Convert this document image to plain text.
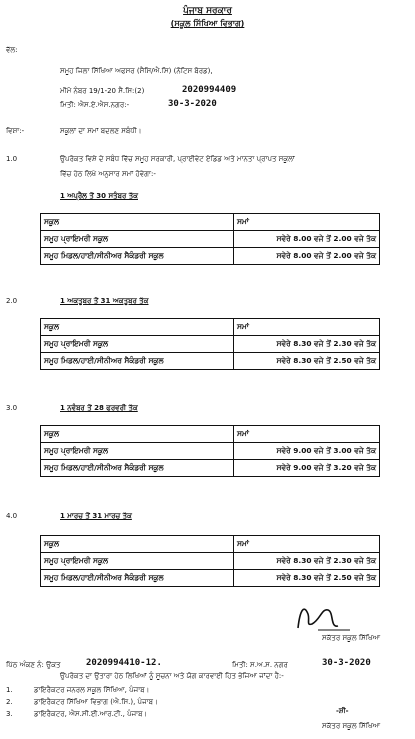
ਪੰਜਾਬ ਸਰਕਾਰ
(ਸਕੂਲ ਸਿੱਖਿਆ ਵਿਭਾਗ)
ਵੱਲ:
ਸਮੂਹ ਜਿਲਾ ਸਿੱਖਿਆ ਅਫਸਰ (ਸੈਸਿ/ਐ.ਸਿ) (ਨੋਟਿਸ ਬੋਰਡ),
ਮੀਮੋ ਨੰਬਰ 19/1-20 ਸੈ.ਸਿ:(2)	2020994409
ਮਿਤੀ: ਐਸ.ਏ.ਐਸ.ਨਗਰ:-	30-3-2020
ਵਿਸ਼ਾ:-	ਸਕੂਲਾਂ ਦਾ ਸਮਾਂ ਬਦਲਣ ਸਬੰਧੀ।
1.0	ਉਪਰੋਕਤ ਵਿਸ਼ੇ ਦੇ ਸਬੰਧ ਵਿੱਚ ਸਮੂਹ ਸਰਕਾਰੀ, ਪ੍ਰਾਈਵੇਟ ਏਡਿਡ ਅਤੇ ਮਾਨਤਾ ਪ੍ਰਾਪਤ ਸਕੂਲਾਂ
ਵਿੱਚ ਹੇਠ ਲਿਖੇ ਅਨੁਸਾਰ ਸਮਾਂ ਹੋਵੇਗਾ:-
1 ਅਪ੍ਰੈਲ ਤੋਂ 30 ਸਤੰਬਰ ਤੱਕ
ਸਕੂਲ	ਸਮਾਂ
ਸਮੂਹ ਪ੍ਰਾਇਮਰੀ ਸਕੂਲ	ਸਵੇਰੇ 8.00 ਵਜੇ ਤੋਂ 2.00 ਵਜੇ ਤੱਕ
ਸਮੂਹ ਮਿਡਲ/ਹਾਈ/ਸੀਨੀਅਰ ਸੈਕੰਡਰੀ ਸਕੂਲ	ਸਵੇਰੇ 8.00 ਵਜੇ ਤੋਂ 2.00 ਵਜੇ ਤੱਕ
2.0	1 ਅਕਤੂਬਰ ਤੋਂ 31 ਅਕਤੂਬਰ ਤੱਕ
ਸਕੂਲ	ਸਮਾਂ
ਸਮੂਹ ਪ੍ਰਾਇਮਰੀ ਸਕੂਲ	ਸਵੇਰੇ 8.30 ਵਜੇ ਤੋਂ 2.30 ਵਜੇ ਤੱਕ
ਸਮੂਹ ਮਿਡਲ/ਹਾਈ/ਸੀਨੀਅਰ ਸੈਕੰਡਰੀ ਸਕੂਲ	ਸਵੇਰੇ 8.30 ਵਜੇ ਤੋਂ 2.50 ਵਜੇ ਤੱਕ
3.0	1 ਨਵੰਬਰ ਤੋਂ 28 ਫਰਵਰੀ ਤੱਕ
ਸਕੂਲ	ਸਮਾਂ
ਸਮੂਹ ਪ੍ਰਾਇਮਰੀ ਸਕੂਲ	ਸਵੇਰੇ 9.00 ਵਜੇ ਤੋਂ 3.00 ਵਜੇ ਤੱਕ
ਸਮੂਹ ਮਿਡਲ/ਹਾਈ/ਸੀਨੀਅਰ ਸੈਕੰਡਰੀ ਸਕੂਲ	ਸਵੇਰੇ 9.00 ਵਜੇ ਤੋਂ 3.20 ਵਜੇ ਤੱਕ
4.0	1 ਮਾਰਚ ਤੋਂ 31 ਮਾਰਚ ਤੱਕ
ਸਕੂਲ	ਸਮਾਂ
ਸਮੂਹ ਪ੍ਰਾਇਮਰੀ ਸਕੂਲ	ਸਵੇਰੇ 8.30 ਵਜੇ ਤੋਂ 2.30 ਵਜੇ ਤੱਕ
ਸਮੂਹ ਮਿਡਲ/ਹਾਈ/ਸੀਨੀਅਰ ਸੈਕੰਡਰੀ ਸਕੂਲ	ਸਵੇਰੇ 8.30 ਵਜੇ ਤੋਂ 2.50 ਵਜੇ ਤੱਕ
ਸਕੱਤਰ ਸਕੂਲ ਸਿੱਖਿਆ
ਪਿੱਠ ਅੰਕਣ ਨੰ: ਉਕਤ	2020994410-12.	ਮਿਤੀ: ਸ.ਅ.ਸ. ਨਗਰ	30-3-2020
ਉਪਰੋਕਤ ਦਾ ਉਤਾਰਾ ਹੇਠ ਲਿਖਿਆਂ ਨੂੰ ਸੂਚਨਾ ਅਤੇ ਯੋਗ ਕਾਰਵਾਈ ਹਿਤ ਭੇਜਿਆ ਜਾਂਦਾ ਹੈ:-
1.	ਡਾਇਰੈਕਟਰ ਜਨਰਲ ਸਕੂਲ ਸਿੱਖਿਆ, ਪੰਜਾਬ।
2.	ਡਾਇਰੈਕਟਰ ਸਿੱਖਿਆ ਵਿਭਾਗ (ਐ.ਸਿ.), ਪੰਜਾਬ।
3.	ਡਾਇਰੈਕਟਰ, ਐਸ.ਸੀ.ਈ.ਆਰ.ਟੀ., ਪੰਜਾਬ।	-ਸ਼ੀ-
ਸਕੱਤਰ ਸਕੂਲ ਸਿੱਖਿਆ
